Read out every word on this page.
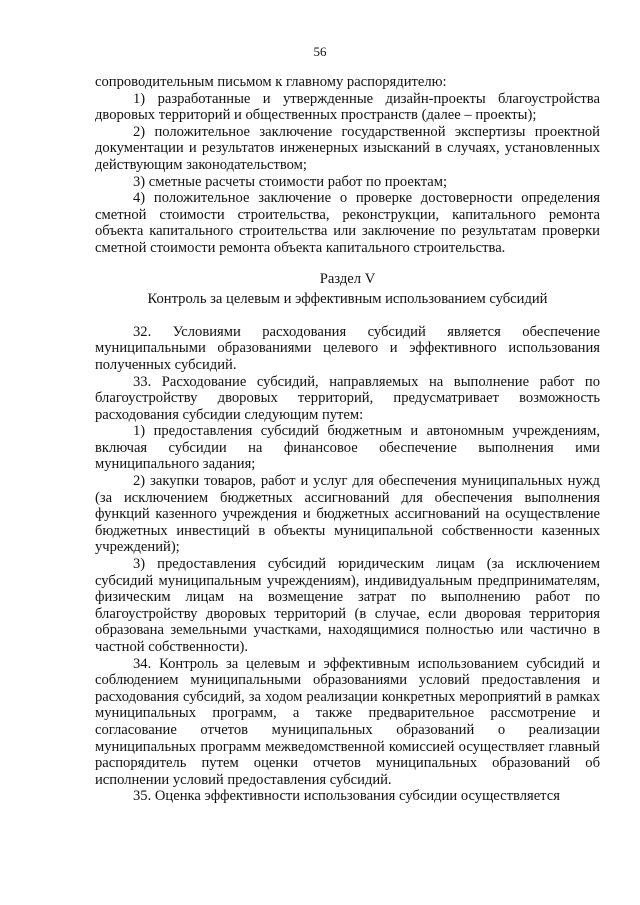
56

сопроводительным письмом к главному распорядителю:

1) разработанные и утвержденные дизайн-проекты благоустройства дворовых территорий и общественных пространств (далее – проекты);

2) положительное заключение государственной экспертизы проектной документации и результатов инженерных изысканий в случаях, установленных действующим законодательством;

3) сметные расчеты стоимости работ по проектам;

4) положительное заключение о проверке достоверности определения сметной стоимости строительства, реконструкции, капитального ремонта объекта капитального строительства или заключение по результатам проверки сметной стоимости ремонта объекта капитального строительства.

Раздел V

Контроль за целевым и эффективным использованием субсидий

32. Условиями расходования субсидий является обеспечение муниципальными образованиями целевого и эффективного использования полученных субсидий.

33. Расходование субсидий, направляемых на выполнение работ по благоустройству дворовых территорий, предусматривает возможность расходования субсидии следующим путем:

1) предоставления субсидий бюджетным и автономным учреждениям, включая субсидии на финансовое обеспечение выполнения ими муниципального задания;

2) закупки товаров, работ и услуг для обеспечения муниципальных нужд (за исключением бюджетных ассигнований для обеспечения выполнения функций казенного учреждения и бюджетных ассигнований на осуществление бюджетных инвестиций в объекты муниципальной собственности казенных учреждений);

3) предоставления субсидий юридическим лицам (за исключением субсидий муниципальным учреждениям), индивидуальным предпринимателям, физическим лицам на возмещение затрат по выполнению работ по благоустройству дворовых территорий (в случае, если дворовая территория образована земельными участками, находящимися полностью или частично в частной собственности).

34. Контроль за целевым и эффективным использованием субсидий и соблюдением муниципальными образованиями условий предоставления и расходования субсидий, за ходом реализации конкретных мероприятий в рамках муниципальных программ, а также предварительное рассмотрение и согласование отчетов муниципальных образований о реализации муниципальных программ межведомственной комиссией осуществляет главный распорядитель путем оценки отчетов муниципальных образований об исполнении условий предоставления субсидий.

35. Оценка эффективности использования субсидии осуществляется
